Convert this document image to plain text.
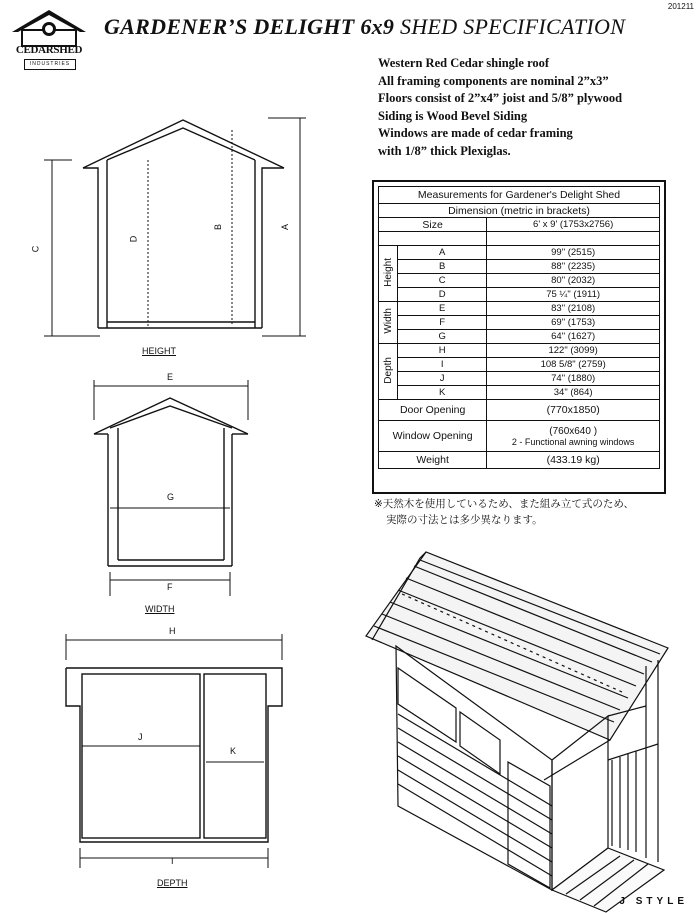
201211
CEDARSHED
INDUSTRIES
GARDENER’S DELIGHT 6x9 SHED SPECIFICATION
Western Red Cedar shingle roof
All framing components are nominal 2”x3”
Floors consist of 2”x4” joist and 5/8” plywood
Siding is Wood Bevel Siding
Windows are made of cedar framing
with 1/8” thick Plexiglas.
Measurements for Gardener's Delight Shed		
Dimension (metric in brackets)		
Size		6' x 9' (1753x2756)

Height	A	99" (2515)
	B	88" (2235)
	C	80" (2032)
	D	75 ¼" (1911)
Width	E	83" (2108)
	F	69" (1753)
	G	64" (1627)
Depth	H	122" (3099)
	I	108 5/8" (2759)
	J	74" (1880)
	K	34" (864)
Door Opening		(770x1850)
Window Opening		(760x640 )
2 - Functional awning windows

Weight		(433.19 kg)
※天然木を使用しているため、また組み立て式のため、
実際の寸法とは多少異なります。
C
D
B	A
HEIGHT
E
G
F
WIDTH
H
J
K
I
DEPTH
J STYLE
